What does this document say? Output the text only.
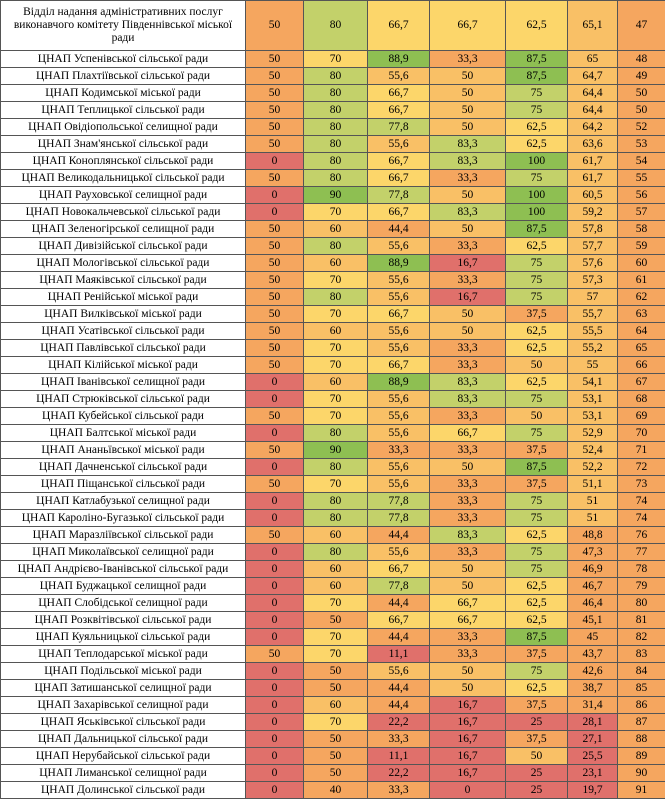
Відділ надання адміністративних послуг виконавчого комітету Південнівської міської ради	50	80	66,7	66,7	62,5	65,1	47
ЦНАП Успенівської сільської ради	50	70	88,9	33,3	87,5	65	48
ЦНАП Плахтіївської сільської ради	50	80	55,6	50	87,5	64,7	49
ЦНАП Кодимської міської ради	50	80	66,7	50	75	64,4	50
ЦНАП Теплицької сільської ради	50	80	66,7	50	75	64,4	50
ЦНАП Овідіопольської селищної ради	50	80	77,8	50	62,5	64,2	52
ЦНАП Знам'янської сільської ради	50	80	55,6	83,3	62,5	63,6	53
ЦНАП Коноплянської сільської ради	0	80	66,7	83,3	100	61,7	54
ЦНАП Великодальницької сільської ради	50	80	66,7	33,3	75	61,7	55
ЦНАП Рауховської селищної ради	0	90	77,8	50	100	60,5	56
ЦНАП Новокальчевської сільської ради	0	70	66,7	83,3	100	59,2	57
ЦНАП Зеленогірської селищної ради	50	60	44,4	50	87,5	57,8	58
ЦНАП Дивізійської сільської ради	50	80	55,6	33,3	62,5	57,7	59
ЦНАП Мологівської сільської ради	50	60	88,9	16,7	75	57,6	60
ЦНАП Маяківської сільської ради	50	70	55,6	33,3	75	57,3	61
ЦНАП Ренійської міської ради	50	80	55,6	16,7	75	57	62
ЦНАП Вилківської міської ради	50	70	66,7	50	37,5	55,7	63
ЦНАП Усатівської сільської ради	50	60	55,6	50	62,5	55,5	64
ЦНАП Павлівської сільської ради	50	70	55,6	33,3	62,5	55,2	65
ЦНАП Кілійської міської ради	50	70	66,7	33,3	50	55	66
ЦНАП Іванівської селищної ради	0	60	88,9	83,3	62,5	54,1	67
ЦНАП Стрюківської сільської ради	0	70	55,6	83,3	75	53,1	68
ЦНАП Кубейської сільської ради	50	70	55,6	33,3	50	53,1	69
ЦНАП Балтської міської ради	0	80	55,6	66,7	75	52,9	70
ЦНАП Ананьївської міської ради	50	90	33,3	33,3	37,5	52,4	71
ЦНАП Дачненської сільської ради	0	80	55,6	50	87,5	52,2	72
ЦНАП Піщанської сільської ради	50	70	55,6	33,3	37,5	51,1	73
ЦНАП Катлабузької селищної ради	0	80	77,8	33,3	75	51	74
ЦНАП Кароліно-Бугазької сільської ради	0	80	77,8	33,3	75	51	74
ЦНАП Маразліївської сільської ради	50	60	44,4	83,3	62,5	48,8	76
ЦНАП Миколаївської селищної ради	0	80	55,6	33,3	75	47,3	77
ЦНАП Андрієво-Іванівської сільської ради	0	60	66,7	50	75	46,9	78
ЦНАП Буджацької селищної ради	0	60	77,8	50	62,5	46,7	79
ЦНАП Слобідської селищної ради	0	70	44,4	66,7	62,5	46,4	80
ЦНАП Розквітівської сільської ради	0	50	66,7	66,7	62,5	45,1	81
ЦНАП Куяльницької сільської ради	0	70	44,4	33,3	87,5	45	82
ЦНАП Теплодарської міської ради	50	70	11,1	33,3	37,5	43,7	83
ЦНАП Подільської міської ради	0	50	55,6	50	75	42,6	84
ЦНАП Затишанської селищної ради	0	50	44,4	50	62,5	38,7	85
ЦНАП Захарівської селищної ради	0	60	44,4	16,7	37,5	31,4	86
ЦНАП Яськівської сільської ради	0	70	22,2	16,7	25	28,1	87
ЦНАП Дальницької сільської ради	0	50	33,3	16,7	37,5	27,1	88
ЦНАП Нерубайської сільської ради	0	50	11,1	16,7	50	25,5	89
ЦНАП Лиманської селищної ради	0	50	22,2	16,7	25	23,1	90
ЦНАП Долинської сільської ради	0	40	33,3	0	25	19,7	91
